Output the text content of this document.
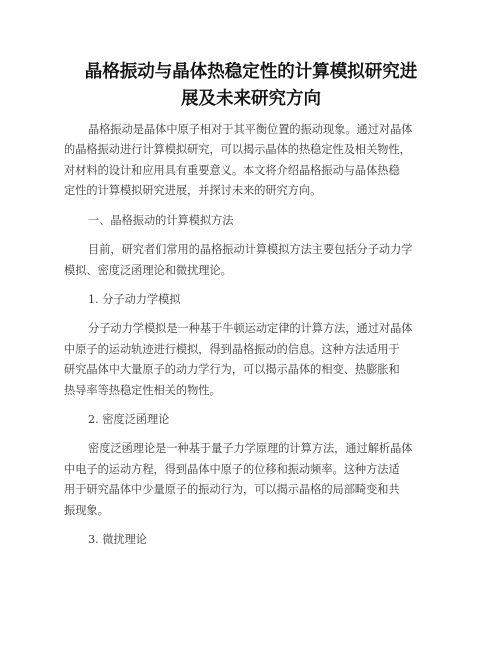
晶格振动与晶体热稳定性的计算模拟研究进
展及未来研究方向
晶格振动是晶体中原子相对于其平衡位置的振动现象。通过对晶体
的晶格振动进行计算模拟研究，可以揭示晶体的热稳定性及相关物性，
对材料的设计和应用具有重要意义。本文将介绍晶格振动与晶体热稳
定性的计算模拟研究进展，并探讨未来的研究方向。
一、晶格振动的计算模拟方法
目前，研究者们常用的晶格振动计算模拟方法主要包括分子动力学
模拟、密度泛函理论和微扰理论。
1. 分子动力学模拟
分子动力学模拟是一种基于牛顿运动定律的计算方法，通过对晶体
中原子的运动轨迹进行模拟，得到晶格振动的信息。这种方法适用于
研究晶体中大量原子的动力学行为，可以揭示晶体的相变、热膨胀和
热导率等热稳定性相关的物性。
2. 密度泛函理论
密度泛函理论是一种基于量子力学原理的计算方法，通过解析晶体
中电子的运动方程，得到晶体中原子的位移和振动频率。这种方法适
用于研究晶体中少量原子的振动行为，可以揭示晶格的局部畸变和共
振现象。
3. 微扰理论
